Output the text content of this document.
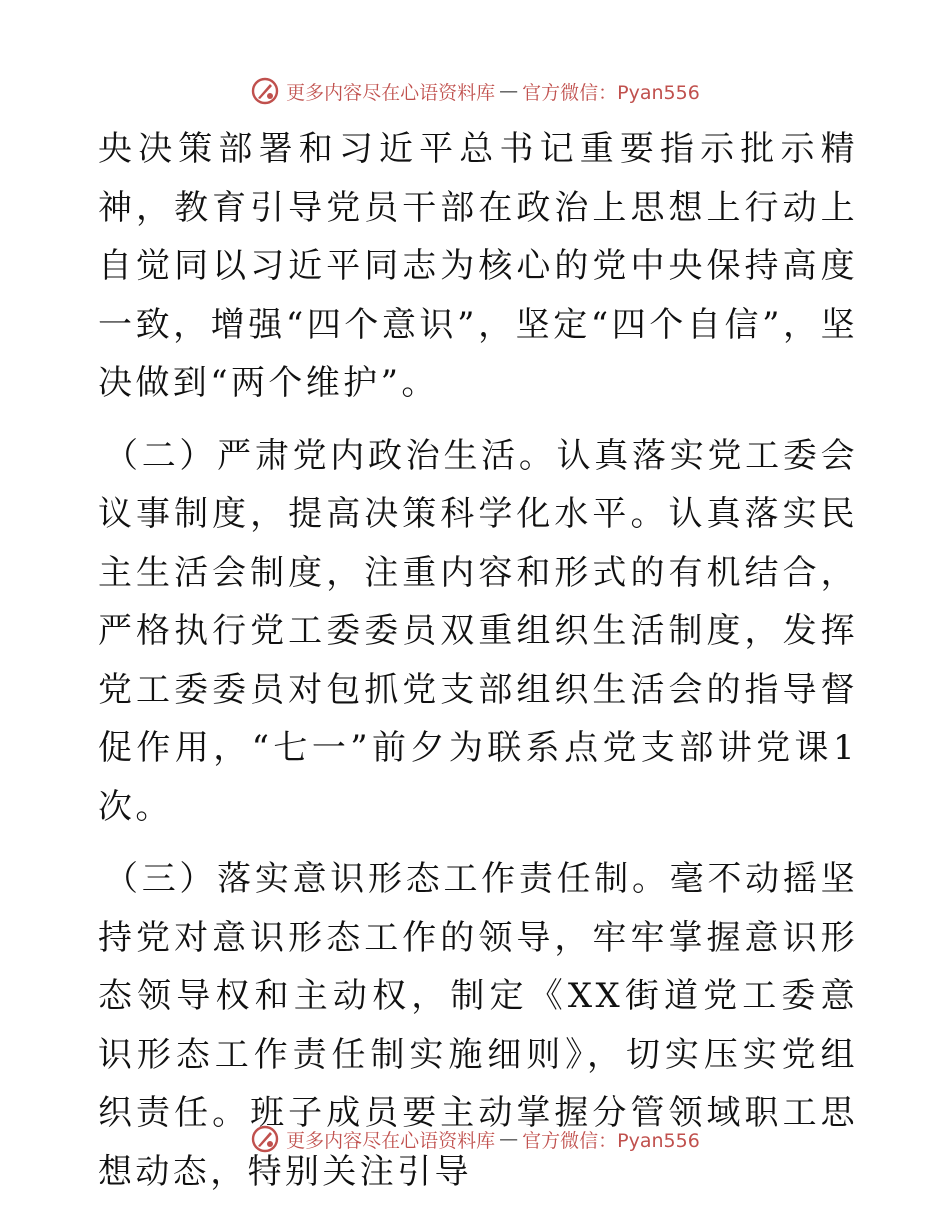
更多内容尽在心语资料库 — 官方微信：Pyan556

央决策部署和习近平总书记重要指示批示精神，教育引导党员干部在政治上思想上行动上自觉同以习近平同志为核心的党中央保持高度一致，增强“四个意识”，坚定“四个自信”，坚决做到“两个维护”。

（二）严肃党内政治生活。认真落实党工委会议事制度，提高决策科学化水平。认真落实民主生活会制度，注重内容和形式的有机结合，严格执行党工委委员双重组织生活制度，发挥党工委委员对包抓党支部组织生活会的指导督促作用，“七一”前夕为联系点党支部讲党课1次。

（三）落实意识形态工作责任制。毫不动摇坚持党对意识形态工作的领导，牢牢掌握意识形态领导权和主动权，制定《XX街道党工委意识形态工作责任制实施细则》，切实压实党组织责任。班子成员要主动掌握分管领域职工思想动态，特别关注引导

更多内容尽在心语资料库 — 官方微信：Pyan556
